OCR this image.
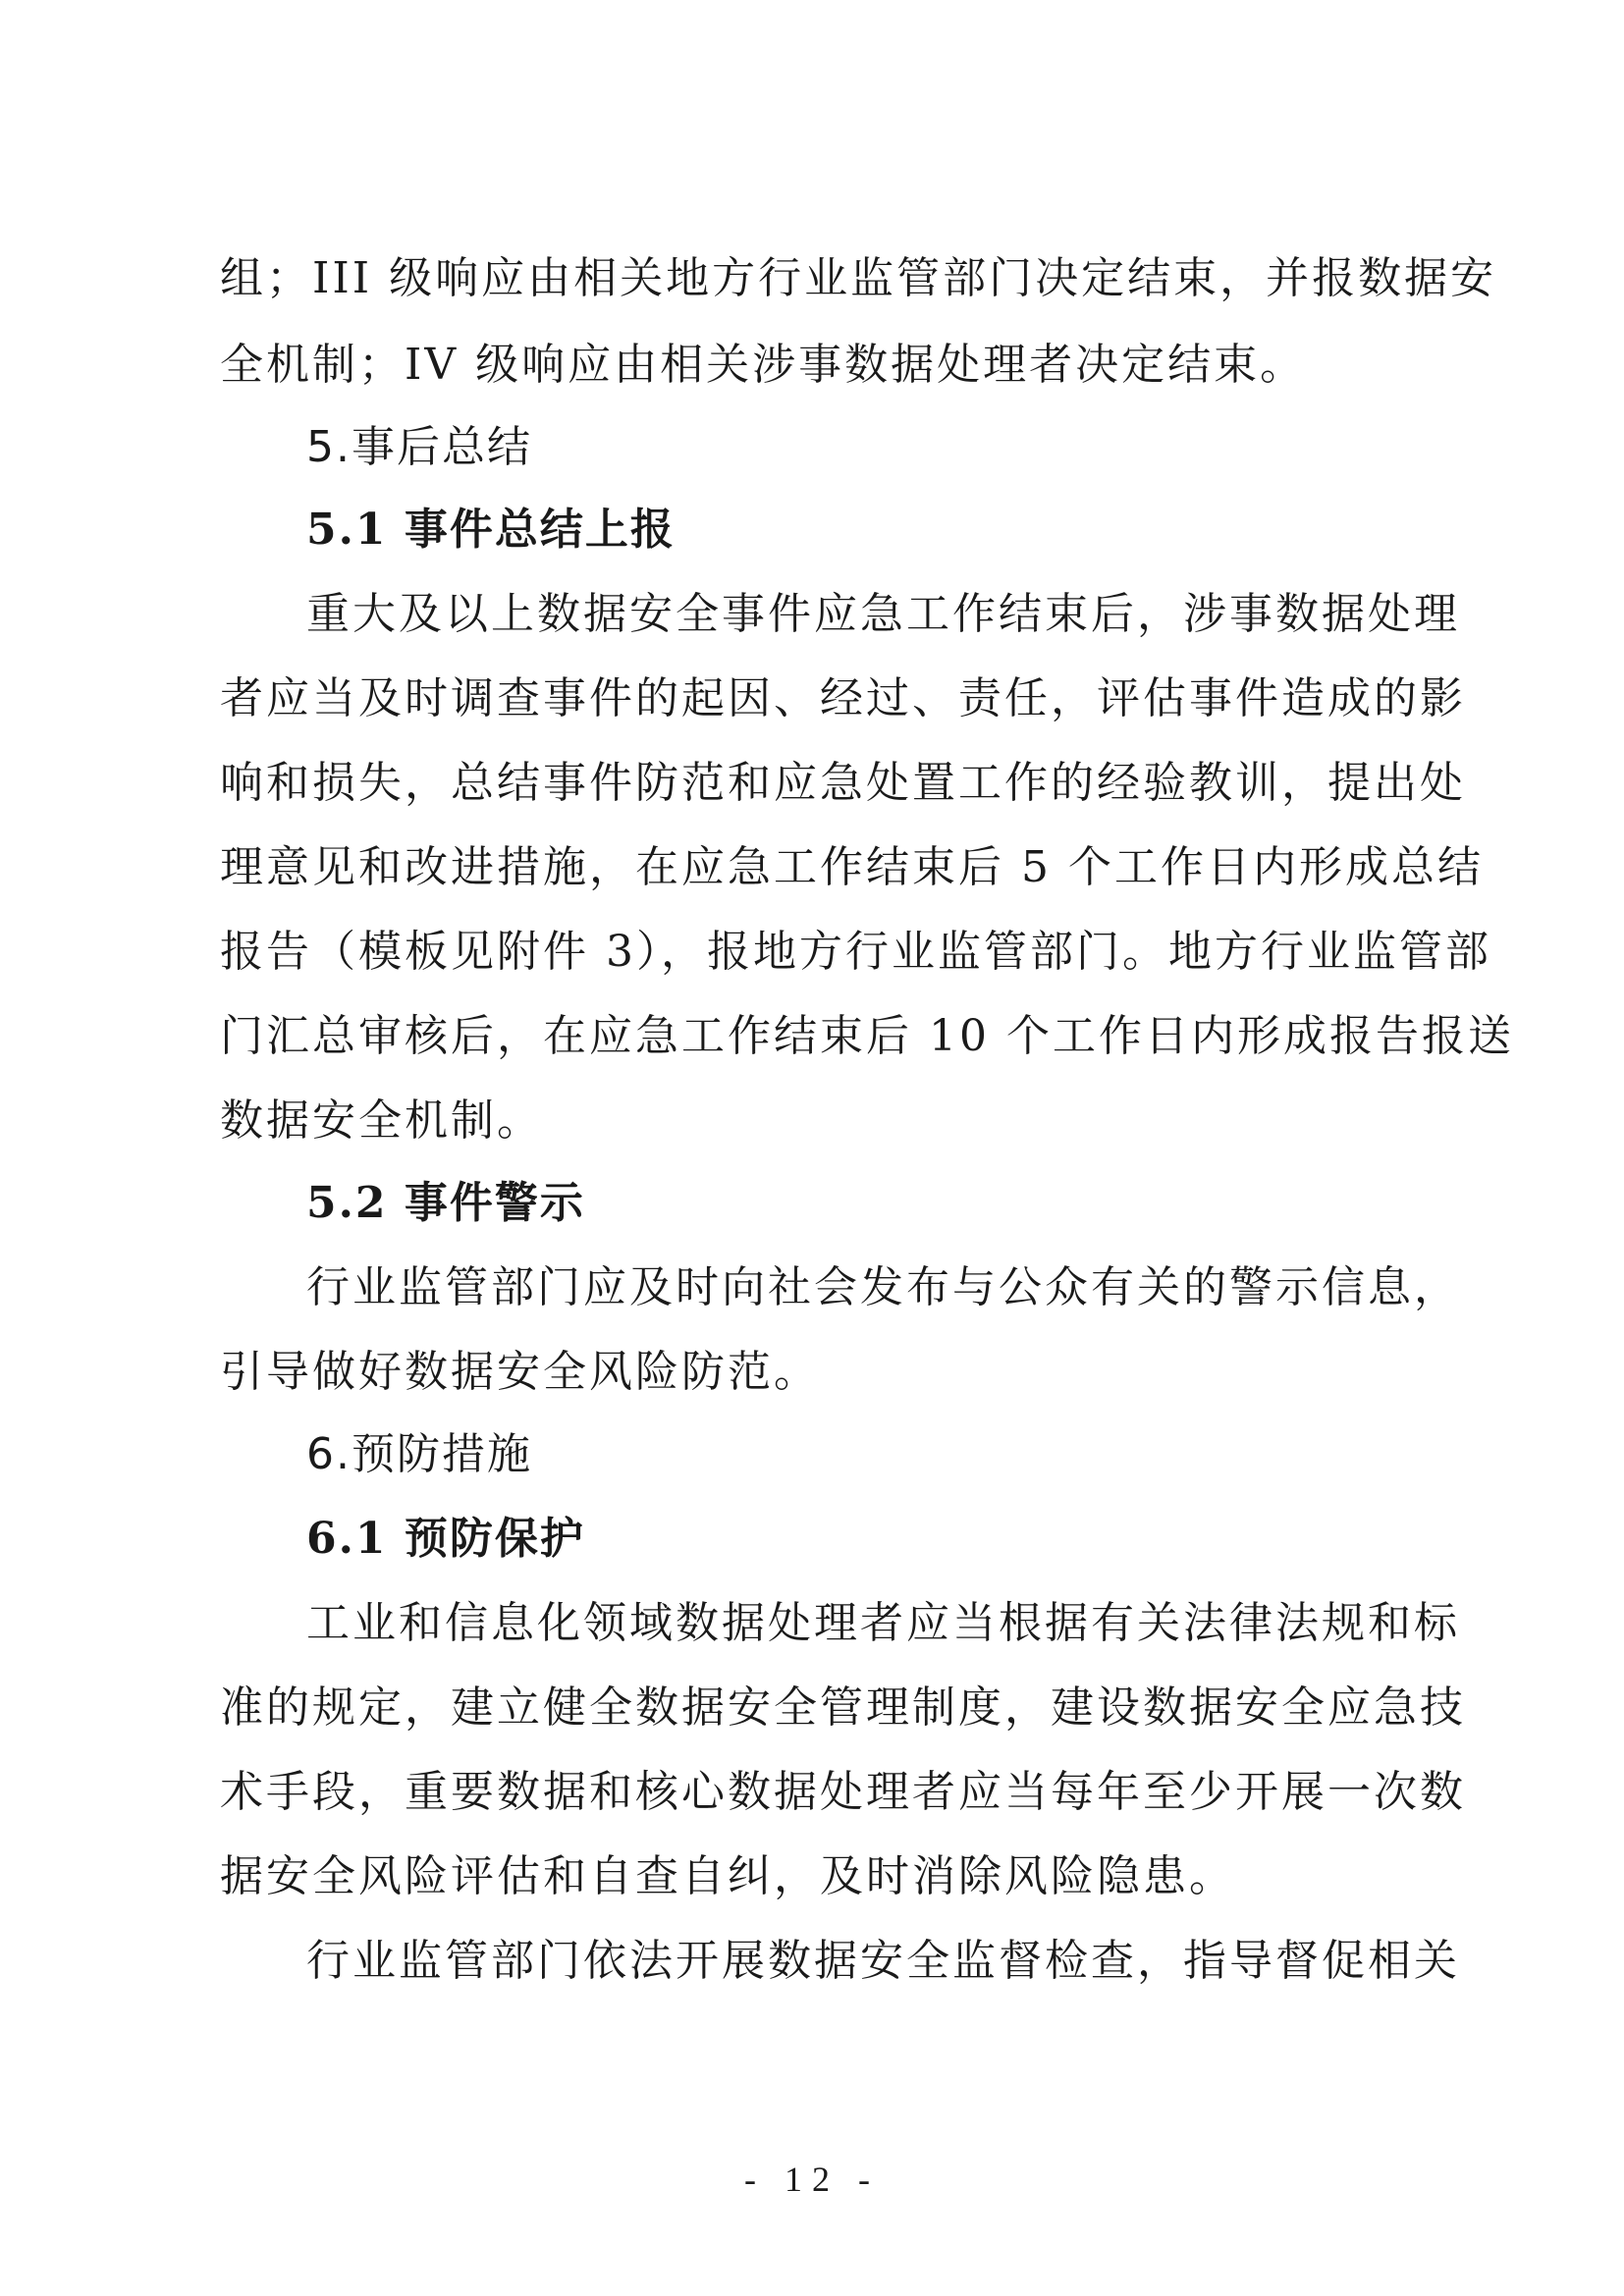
组；III 级响应由相关地方行业监管部门决定结束，并报数据安
全机制；IV 级响应由相关涉事数据处理者决定结束。
5.事后总结
5.1 事件总结上报
重大及以上数据安全事件应急工作结束后，涉事数据处理
者应当及时调查事件的起因、经过、责任，评估事件造成的影
响和损失，总结事件防范和应急处置工作的经验教训，提出处
理意见和改进措施，在应急工作结束后 5 个工作日内形成总结
报告（模板见附件 3），报地方行业监管部门。地方行业监管部
门汇总审核后，在应急工作结束后 10 个工作日内形成报告报送
数据安全机制。
5.2 事件警示
行业监管部门应及时向社会发布与公众有关的警示信息，
引导做好数据安全风险防范。
6.预防措施
6.1 预防保护
工业和信息化领域数据处理者应当根据有关法律法规和标
准的规定，建立健全数据安全管理制度，建设数据安全应急技
术手段，重要数据和核心数据处理者应当每年至少开展一次数
据安全风险评估和自查自纠，及时消除风险隐患。
行业监管部门依法开展数据安全监督检查，指导督促相关
- 12 -
